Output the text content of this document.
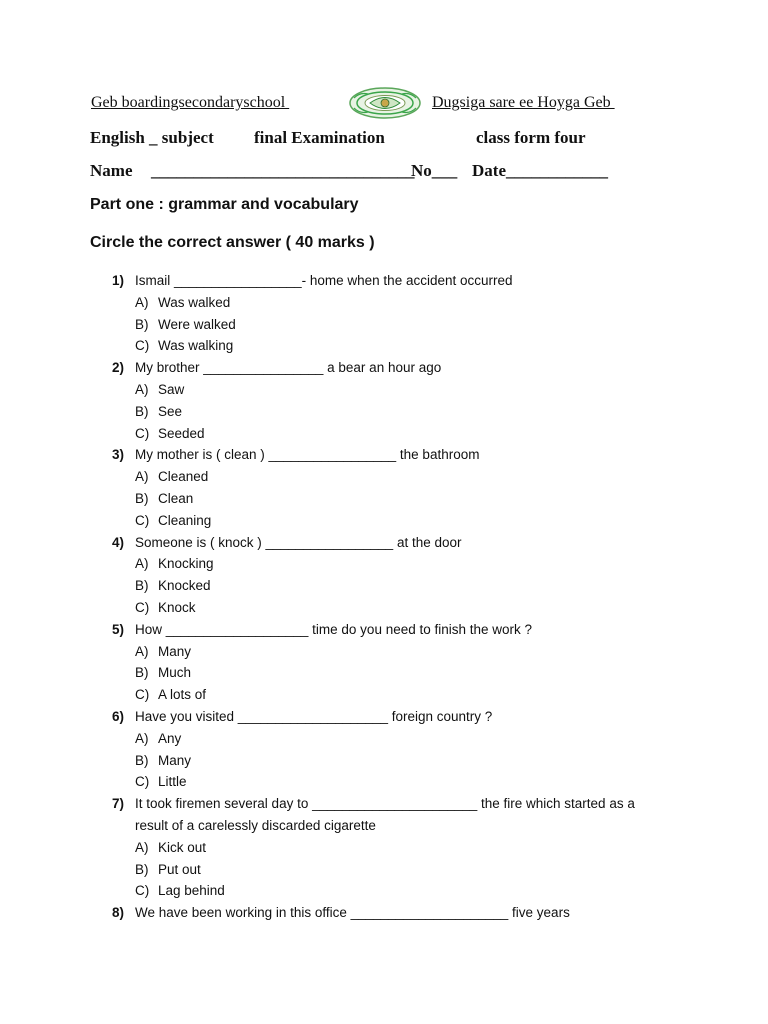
Geb boardingsecondaryschool	Dugsiga sare ee Hoyga Geb
English _ subject final Examination	class form four
Name _______________________________
No___ Date____________
Part one : grammar and vocabulary
Circle the correct answer ( 40 marks )
1) Ismail _________________- home when the accident occurred
A) Was walked
B) Were walked
C) Was walking
2) My brother ________________ a bear an hour ago
A) Saw
B) See
C) Seeded
3) My mother is ( clean ) _________________ the bathroom
A) Cleaned
B) Clean
C) Cleaning
4) Someone is ( knock ) _________________ at the door
A) Knocking
B) Knocked
C) Knock
5) How ___________________ time do you need to finish the work ?
A) Many
B) Much
C) A lots of
6) Have you visited ____________________ foreign country ?
A) Any
B) Many
C) Little
7) It took firemen several day to ______________________ the fire which started as a result of a carelessly discarded cigarette
A) Kick out
B) Put out
C) Lag behind
8) We have been working in this office _____________________ five years
